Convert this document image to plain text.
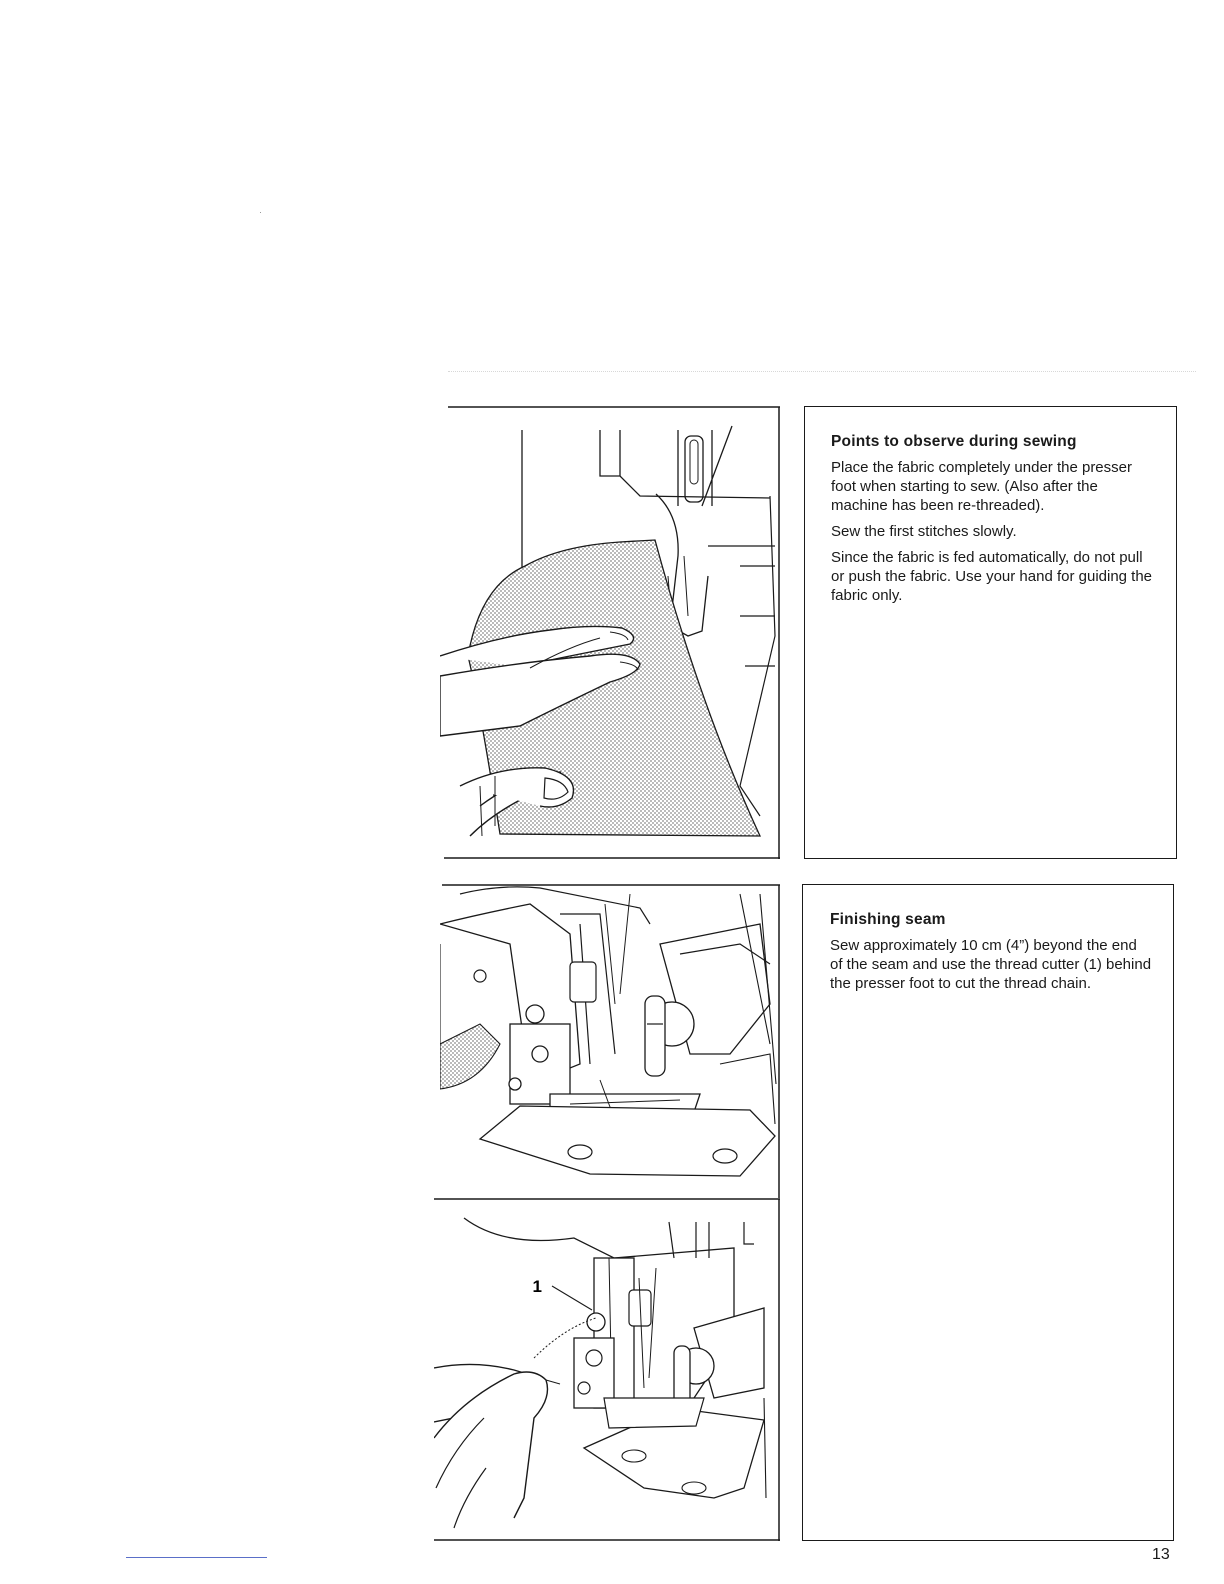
Points to observe during sewing

Place the fabric completely under the presser foot when starting to sew. (Also after the machine has been re-threaded).

Sew the first stitches slowly.

Since the fabric is fed automatically, do not pull or push the fabric. Use your hand for guiding the fabric only.

1
Finishing seam

Sew approximately 10 cm (4”) beyond the end of the seam and use the thread cutter (1) behind the presser foot to cut the thread chain.

13
